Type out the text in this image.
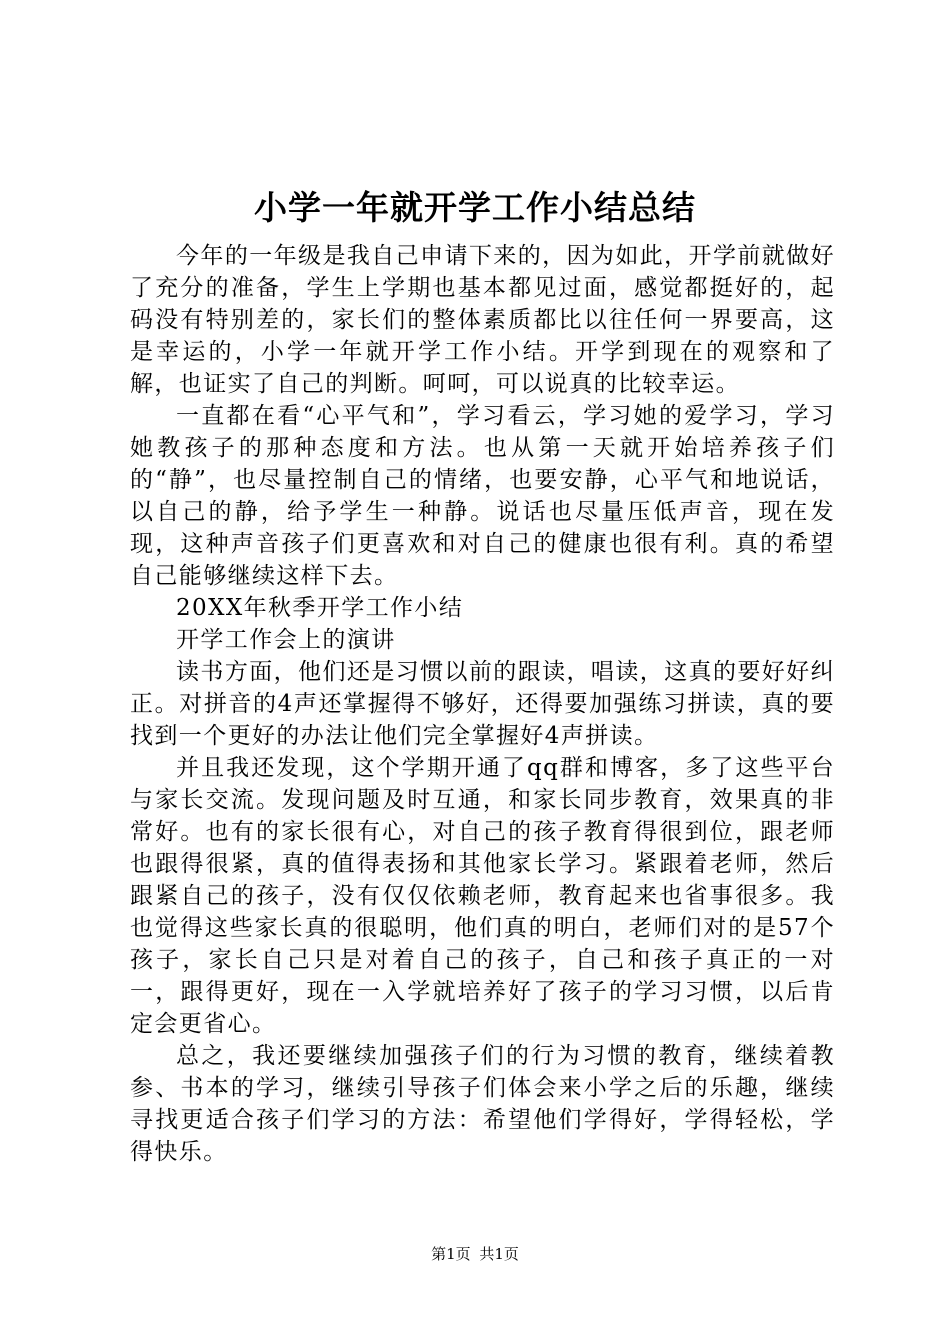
小学一年就开学工作小结总结

今年的一年级是我自己申请下来的，因为如此，开学前就做好了充分的准备，学生上学期也基本都见过面，感觉都挺好的，起码没有特别差的，家长们的整体素质都比以往任何一界要高，这是幸运的，小学一年就开学工作小结。开学到现在的观察和了解，也证实了自己的判断。呵呵，可以说真的比较幸运。

一直都在看“心平气和”，学习看云，学习她的爱学习，学习她教孩子的那种态度和方法。也从第一天就开始培养孩子们的“静”，也尽量控制自己的情绪，也要安静，心平气和地说话，以自己的静，给予学生一种静。说话也尽量压低声音，现在发现，这种声音孩子们更喜欢和对自己的健康也很有利。真的希望自己能够继续这样下去。

20XX年秋季开学工作小结

开学工作会上的演讲

读书方面，他们还是习惯以前的跟读，唱读，这真的要好好纠正。对拼音的4声还掌握得不够好，还得要加强练习拼读，真的要找到一个更好的办法让他们完全掌握好4声拼读。

并且我还发现，这个学期开通了qq群和博客，多了这些平台与家长交流。发现问题及时互通，和家长同步教育，效果真的非常好。也有的家长很有心，对自己的孩子教育得很到位，跟老师也跟得很紧，真的值得表扬和其他家长学习。紧跟着老师，然后跟紧自己的孩子，没有仅仅依赖老师，教育起来也省事很多。我也觉得这些家长真的很聪明，他们真的明白，老师们对的是57个孩子，家长自己只是对着自己的孩子，自己和孩子真正的一对一，跟得更好，现在一入学就培养好了孩子的学习习惯，以后肯定会更省心。

总之，我还要继续加强孩子们的行为习惯的教育，继续着教参、书本的学习，继续引导孩子们体会来小学之后的乐趣，继续寻找更适合孩子们学习的方法：希望他们学得好，学得轻松，学得快乐。

第1页 共1页
